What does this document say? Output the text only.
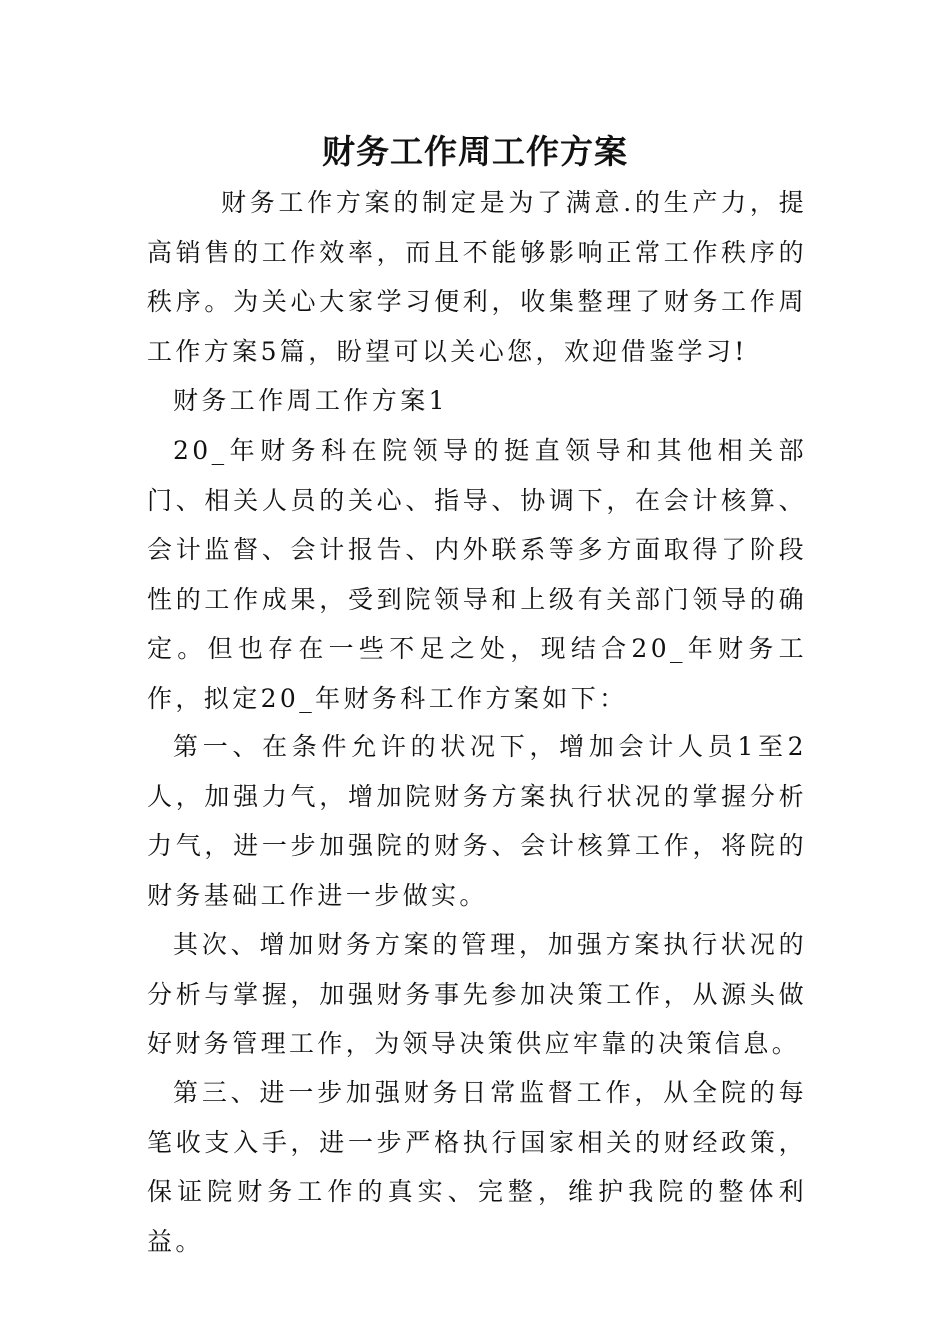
财务工作周工作方案

财务工作方案的制定是为了满意.的生产力，提高销售的工作效率，而且不能够影响正常工作秩序的秩序。为关心大家学习便利，收集整理了财务工作周工作方案5篇，盼望可以关心您，欢迎借鉴学习!

财务工作周工作方案1

20_年财务科在院领导的挺直领导和其他相关部门、相关人员的关心、指导、协调下，在会计核算、会计监督、会计报告、内外联系等多方面取得了阶段性的工作成果，受到院领导和上级有关部门领导的确定。但也存在一些不足之处，现结合20_年财务工作，拟定20_年财务科工作方案如下：

第一、在条件允许的状况下，增加会计人员1至2人，加强力气，增加院财务方案执行状况的掌握分析力气，进一步加强院的财务、会计核算工作，将院的财务基础工作进一步做实。

其次、增加财务方案的管理，加强方案执行状况的分析与掌握，加强财务事先参加决策工作，从源头做好财务管理工作，为领导决策供应牢靠的决策信息。

第三、进一步加强财务日常监督工作，从全院的每笔收支入手，进一步严格执行国家相关的财经政策，保证院财务工作的真实、完整，维护我院的整体利益。
